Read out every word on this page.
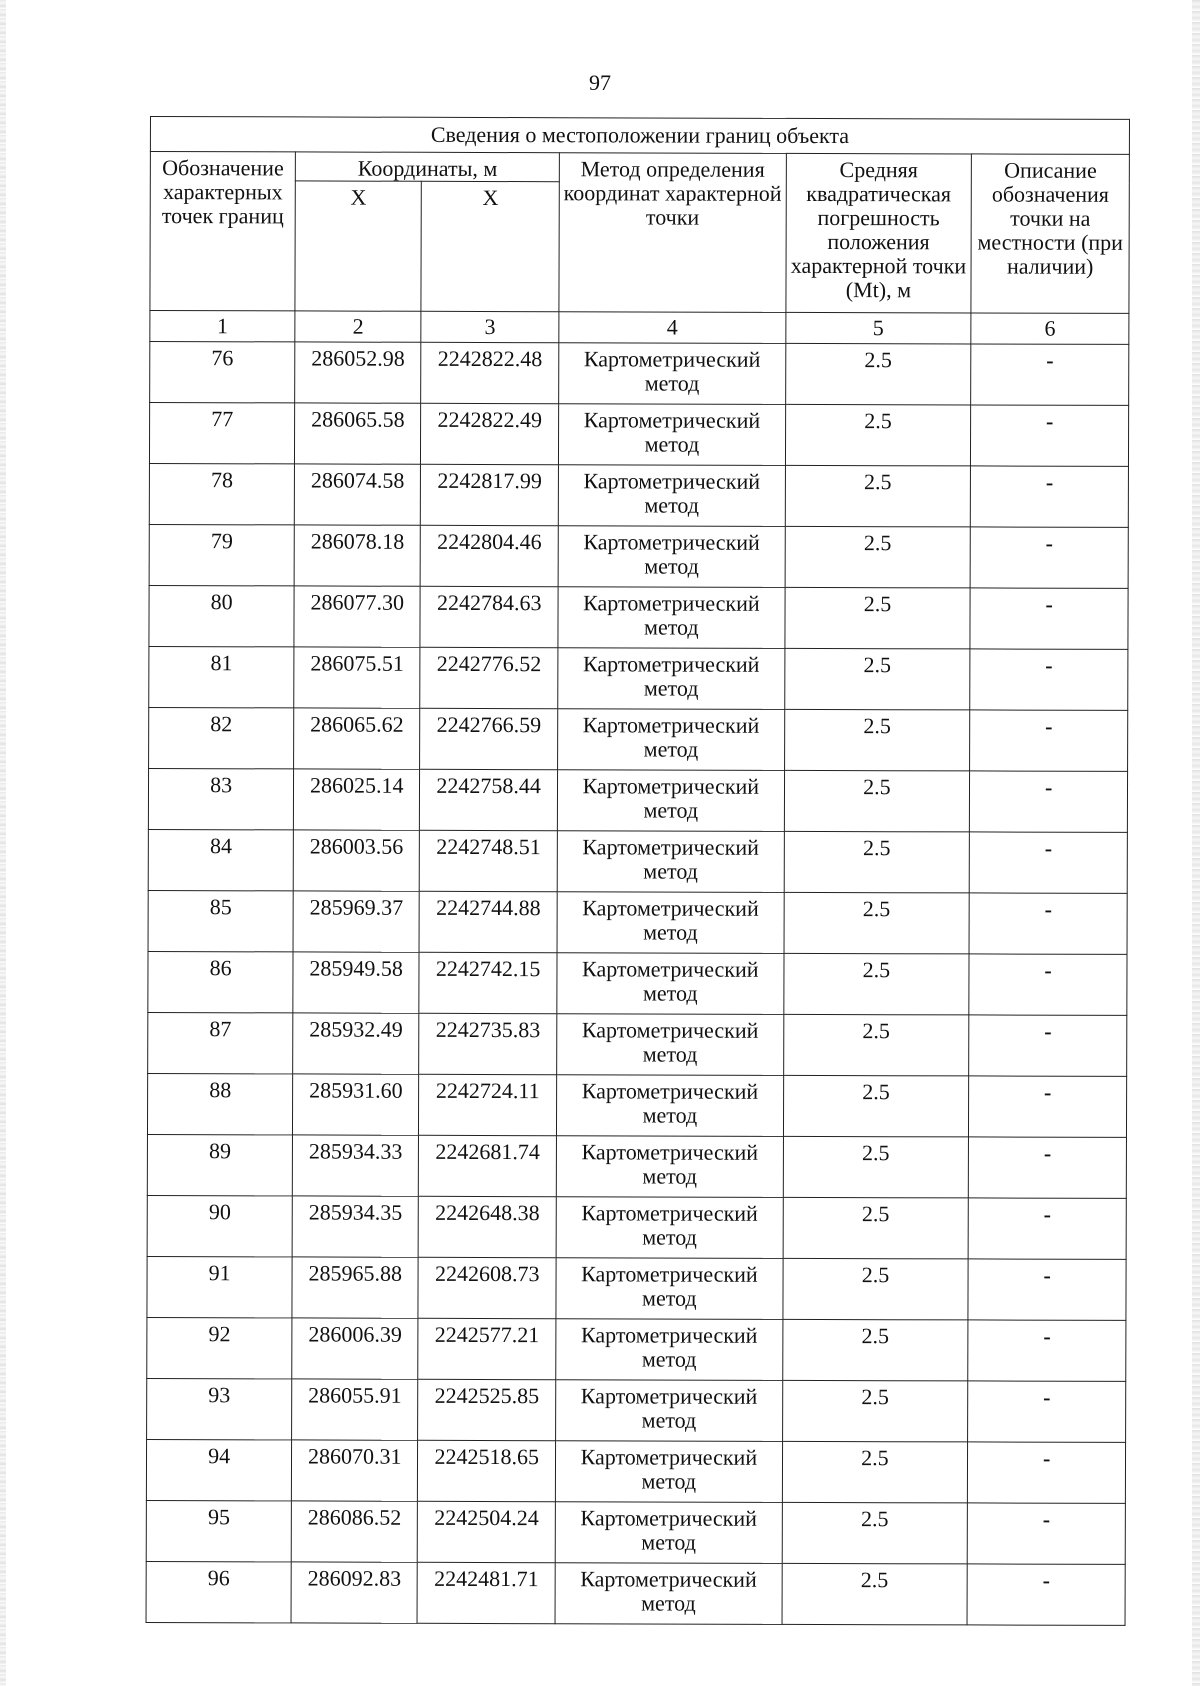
97
Сведения о местоположении границ объекта					
Обозначение характерных точек границ	Координаты, м		Метод определения координат характерной точки	Средняя квадратическая погрешность положения характерной точки (Mt), м	Описание обозначения точки на местности (при наличии)
	X	X			
1	2	3	4	5	6
76	286052.98	2242822.48	Картометрический метод	2.5	-
77	286065.58	2242822.49	Картометрический метод	2.5	-
78	286074.58	2242817.99	Картометрический метод	2.5	-
79	286078.18	2242804.46	Картометрический метод	2.5	-
80	286077.30	2242784.63	Картометрический метод	2.5	-
81	286075.51	2242776.52	Картометрический метод	2.5	-
82	286065.62	2242766.59	Картометрический метод	2.5	-
83	286025.14	2242758.44	Картометрический метод	2.5	-
84	286003.56	2242748.51	Картометрический метод	2.5	-
85	285969.37	2242744.88	Картометрический метод	2.5	-
86	285949.58	2242742.15	Картометрический метод	2.5	-
87	285932.49	2242735.83	Картометрический метод	2.5	-
88	285931.60	2242724.11	Картометрический метод	2.5	-
89	285934.33	2242681.74	Картометрический метод	2.5	-
90	285934.35	2242648.38	Картометрический метод	2.5	-
91	285965.88	2242608.73	Картометрический метод	2.5	-
92	286006.39	2242577.21	Картометрический метод	2.5	-
93	286055.91	2242525.85	Картометрический метод	2.5	-
94	286070.31	2242518.65	Картометрический метод	2.5	-
95	286086.52	2242504.24	Картометрический метод	2.5	-
96	286092.83	2242481.71	Картометрический метод	2.5	-
